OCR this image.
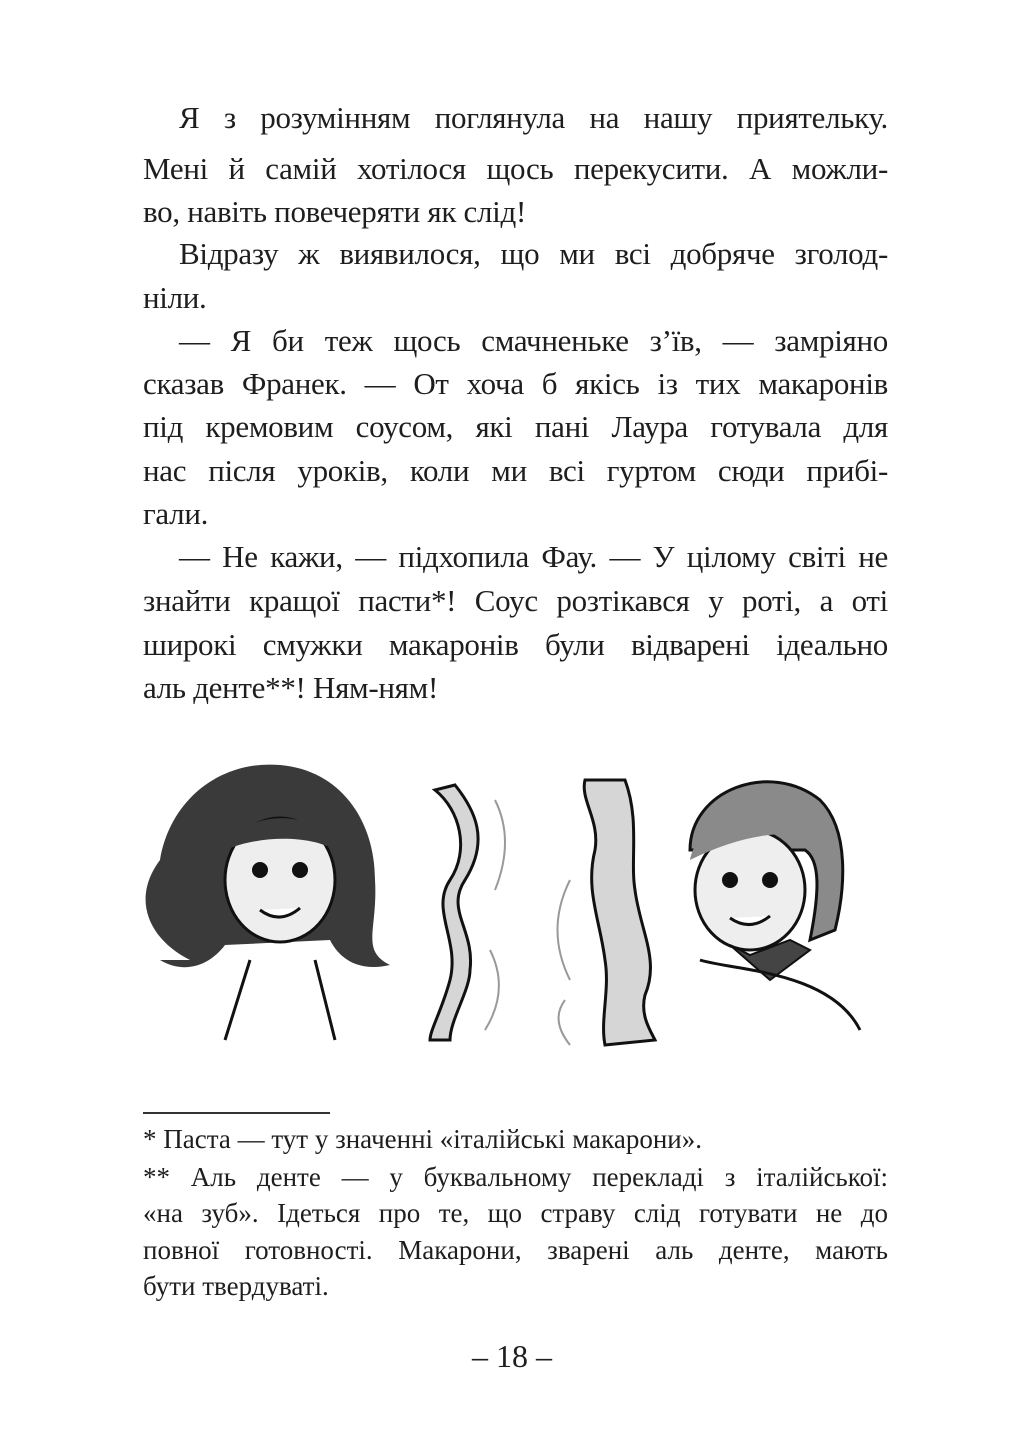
Я з розумінням поглянула на нашу приятельку.
Мені й самій хотілося щось перекусити. А можли-
во, навіть повечеряти як слід!
Відразу ж виявилося, що ми всі добряче зголод-
ніли.
— Я би теж щось смачненьке з’їв, — замріяно
сказав Франек. — От хоча б якісь із тих макаронів
під кремовим соусом, які пані Лаура готувала для
нас після уроків, коли ми всі гуртом сюди прибі-
гали.
— Не кажи, — підхопила Фау. — У цілому світі не
знайти кращої пасти*! Соус розтікався у роті, а оті
широкі смужки макаронів були відварені ідеально
аль денте**! Ням-ням!
* Паста — тут у значенні «італійські макарони».
** Аль денте — у буквальному перекладі з італійської:
«на зуб». Ідеться про те, що страву слід готувати не до
повної готовності. Макарони, зварені аль денте, мають
бути твердуваті.
– 18 –
